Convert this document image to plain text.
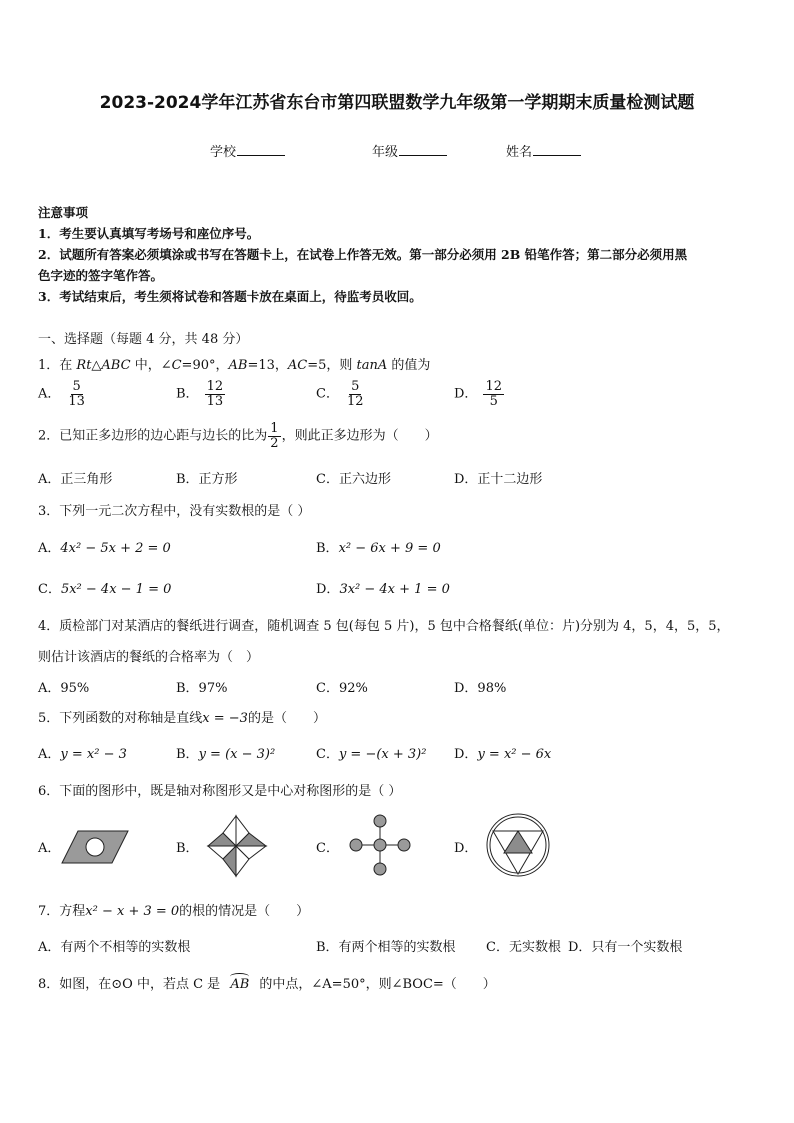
2023-2024学年江苏省东台市第四联盟数学九年级第一学期期末质量检测试题
学校	年级	姓名
注意事项
1．考生要认真填写考场号和座位序号。
2．试题所有答案必须填涂或书写在答题卡上，在试卷上作答无效。第一部分必须用 2B 铅笔作答；第二部分必须用黑
色字迹的签字笔作答。
3．考试结束后，考生须将试卷和答题卡放在桌面上，待监考员收回。
一、选择题（每题 4 分，共 48 分）
1．在 Rt△ABC 中，∠C=90°，AB=13，AC=5，则 tanA 的值为
A． $\frac{5}{13}$	B． $\frac{12}{13}$	C． $\frac{5}{12}$	D． $\frac{12}{5}$
2．已知正多边形的边心距与边长的比为 $\frac{1}{2}$ ，则此正多边形为（　　）
A．正三角形	B．正方形	C．正六边形	D．正十二边形
3．下列一元二次方程中，没有实数根的是（ ）
A．4x² − 5x + 2 = 0	B．x² − 6x + 9 = 0
C．5x² − 4x − 1 = 0	D．3x² − 4x + 1 = 0
4．质检部门对某酒店的餐纸进行调查，随机调查 5 包(每包 5 片)，5 包中合格餐纸(单位：片)分别为 4，5，4，5，5，
则估计该酒店的餐纸的合格率为（　）
A．95%	B．97%	C．92%	D．98%
5．下列函数的对称轴是直线x = −3的是（　　）
A．y = x² − 3	B．y = (x − 3)²	C．y = −(x + 3)² D．y = x² − 6x
6．下面的图形中，既是轴对称图形又是中心对称图形的是（ ）
A．	B．	C．	D．
7．方程x² − x + 3 = 0的根的情况是（　　）
A．有两个不相等的实数根	B．有两个相等的实数根 C．无实数根 D．只有一个实数根
8．如图，在⊙O 中，若点 C 是 AB 的中点，∠A=50°，则∠BOC=（　　）
